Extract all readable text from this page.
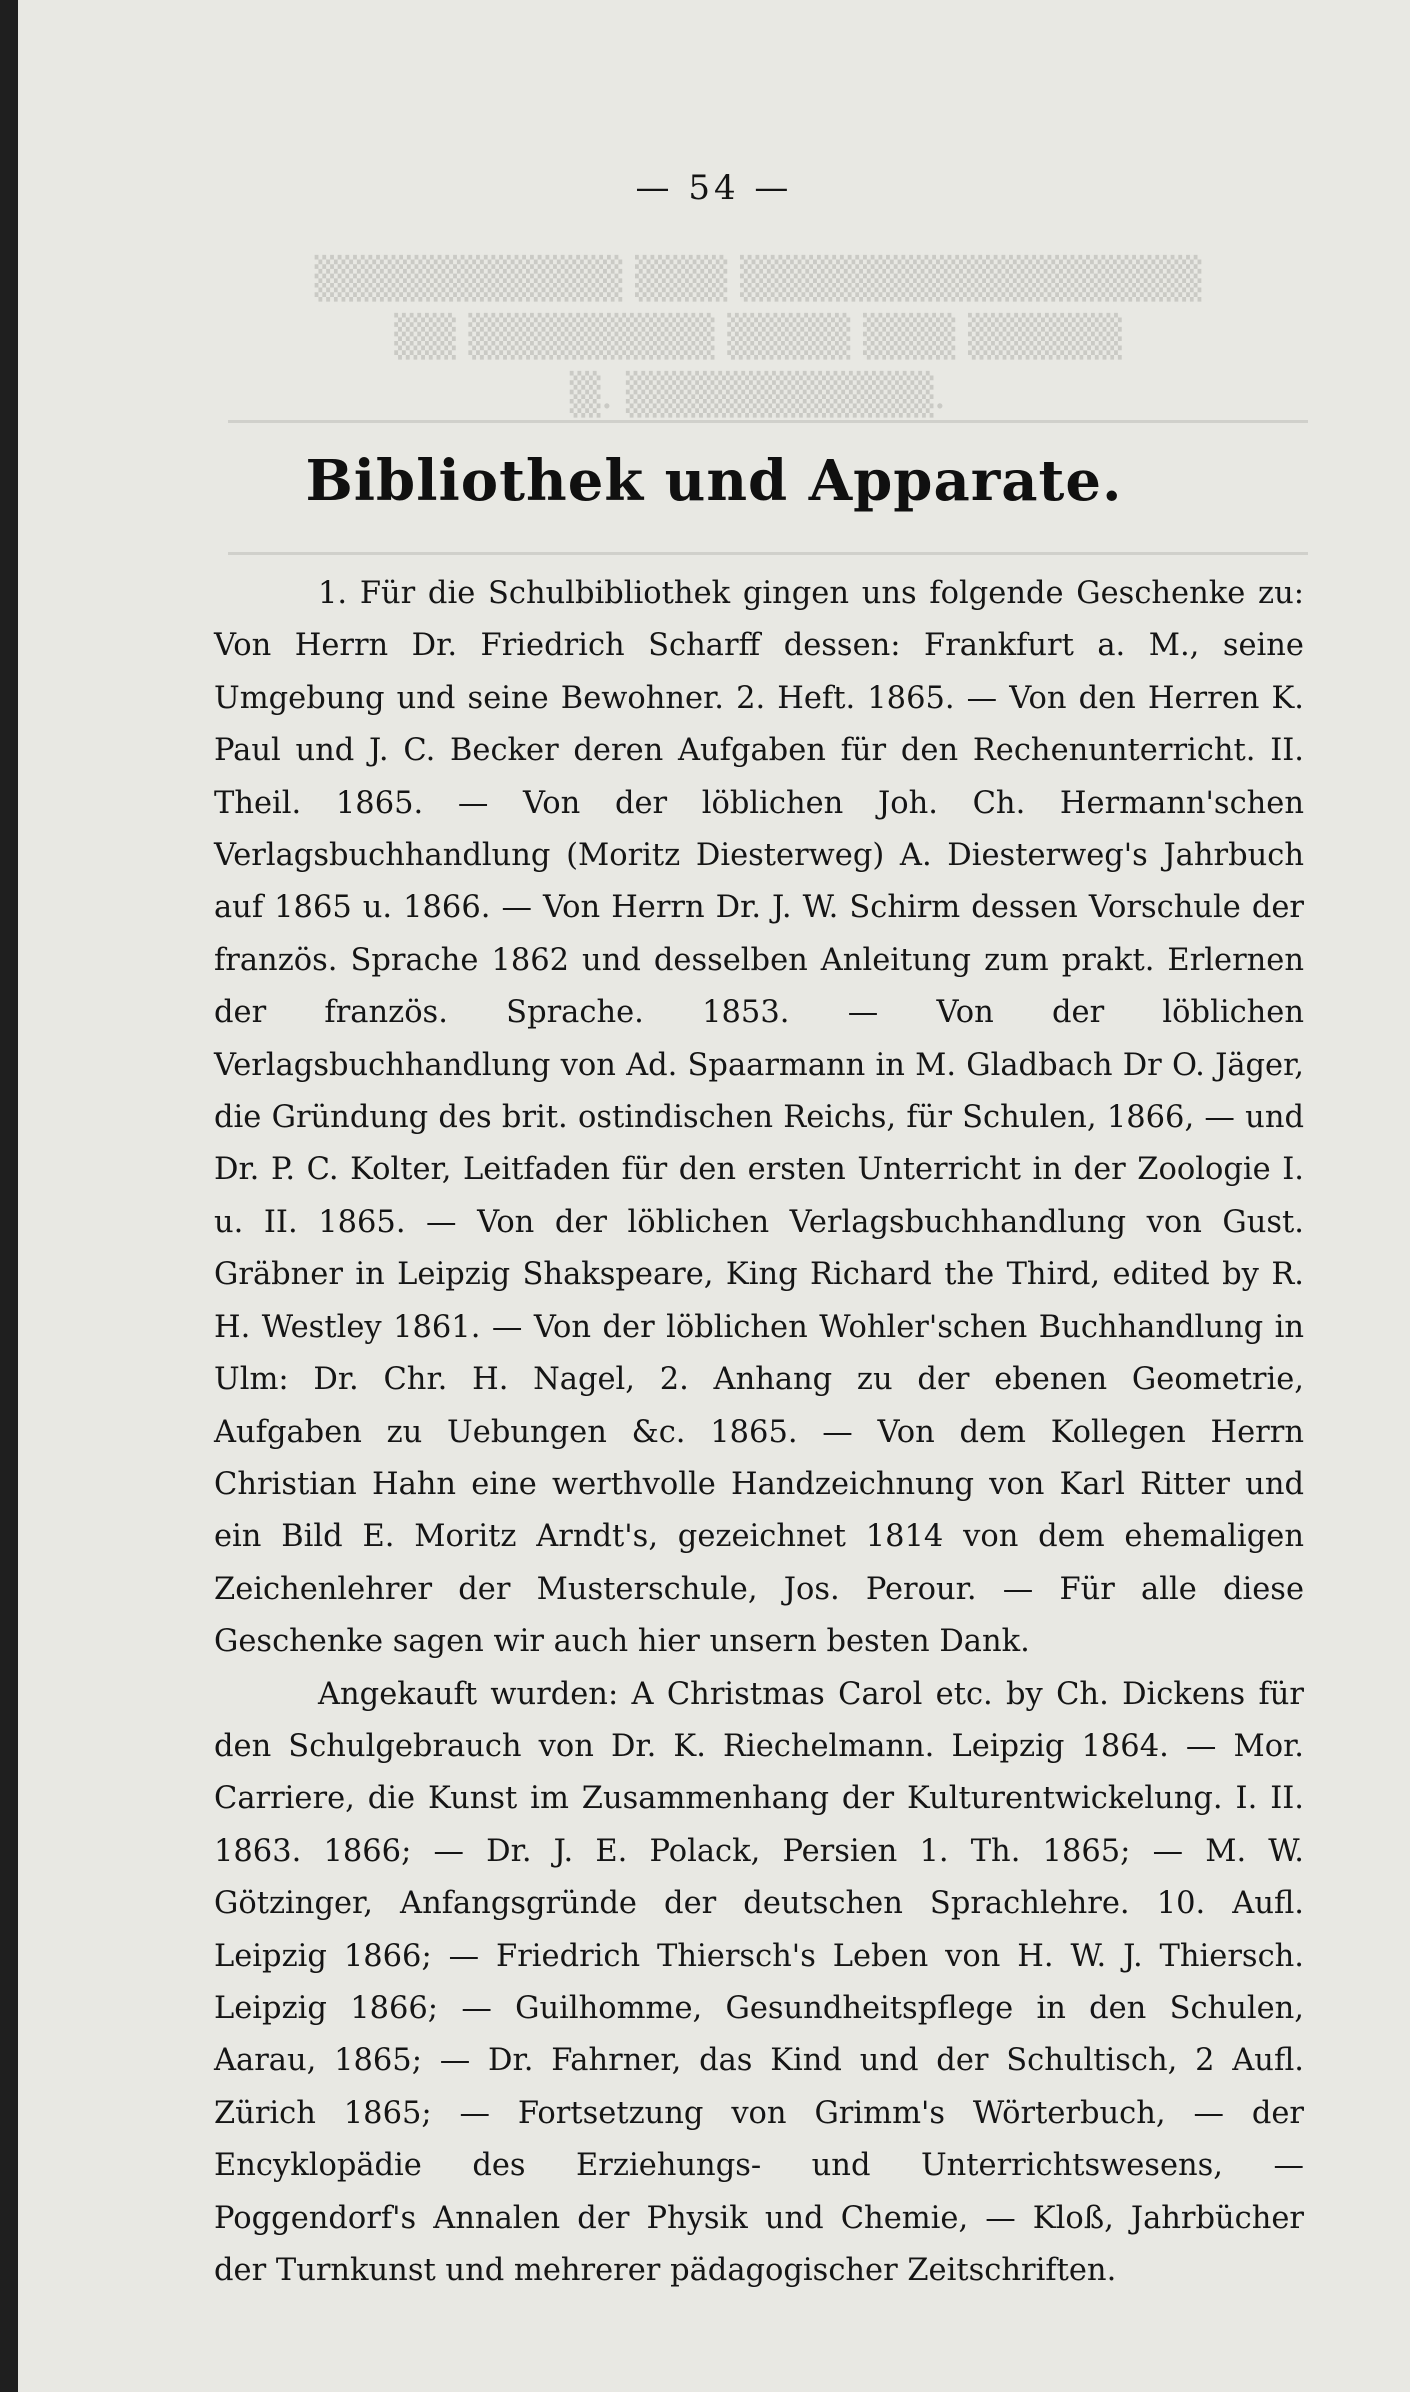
▒▒▒▒▒▒▒▒▒▒ ▒▒▒ ▒▒▒▒▒▒▒▒▒▒▒▒▒▒▒
▒▒ ▒▒▒▒▒▒▒▒ ▒▒▒▒ ▒▒▒ ▒▒▒▒▒
▒. ▒▒▒▒▒▒▒▒▒▒.
— 54 —
Bibliothek und Apparate.

1. Für die Schulbibliothek gingen uns folgende Geschenke zu: Von Herrn Dr. Friedrich Scharff dessen: Frankfurt a. M., seine Umgebung und seine Bewohner. 2. Heft. 1865. — Von den Herren K. Paul und J. C. Becker deren Aufgaben für den Rechenunterricht. II. Theil. 1865. — Von der löblichen Joh. Ch. Hermann'schen Verlagsbuchhandlung (Moritz Diesterweg) A. Diesterweg's Jahrbuch auf 1865 u. 1866. — Von Herrn Dr. J. W. Schirm dessen Vorschule der französ. Sprache 1862 und desselben Anleitung zum prakt. Erlernen der französ. Sprache. 1853. — Von der löblichen Verlagsbuchhandlung von Ad. Spaarmann in M. Gladbach Dr O. Jäger, die Gründung des brit. ostindischen Reichs, für Schulen, 1866, — und Dr. P. C. Kolter, Leitfaden für den ersten Unterricht in der Zoologie I. u. II. 1865. — Von der löblichen Verlagsbuchhandlung von Gust. Gräbner in Leipzig Shakspeare, King Richard the Third, edited by R. H. Westley 1861. — Von der löblichen Wohler'schen Buchhandlung in Ulm: Dr. Chr. H. Nagel, 2. Anhang zu der ebenen Geometrie, Aufgaben zu Uebungen &c. 1865. — Von dem Kollegen Herrn Christian Hahn eine werthvolle Handzeichnung von Karl Ritter und ein Bild E. Moritz Arndt's, gezeichnet 1814 von dem ehemaligen Zeichenlehrer der Musterschule, Jos. Perour. — Für alle diese Geschenke sagen wir auch hier unsern besten Dank.

Angekauft wurden: A Christmas Carol etc. by Ch. Dickens für den Schulgebrauch von Dr. K. Riechelmann. Leipzig 1864. — Mor. Carriere, die Kunst im Zusammenhang der Kulturentwickelung. I. II. 1863. 1866; — Dr. J. E. Polack, Persien 1. Th. 1865; — M. W. Götzinger, Anfangsgründe der deutschen Sprachlehre. 10. Aufl. Leipzig 1866; — Friedrich Thiersch's Leben von H. W. J. Thiersch. Leipzig 1866; — Guilhomme, Gesundheitspflege in den Schulen, Aarau, 1865; — Dr. Fahrner, das Kind und der Schultisch, 2 Aufl. Zürich 1865; — Fortsetzung von Grimm's Wörterbuch, — der Encyklopädie des Erziehungs- und Unterrichtswesens, — Poggendorf's Annalen der Physik und Chemie, — Kloß, Jahrbücher der Turnkunst und mehrerer pädagogischer Zeitschriften.
